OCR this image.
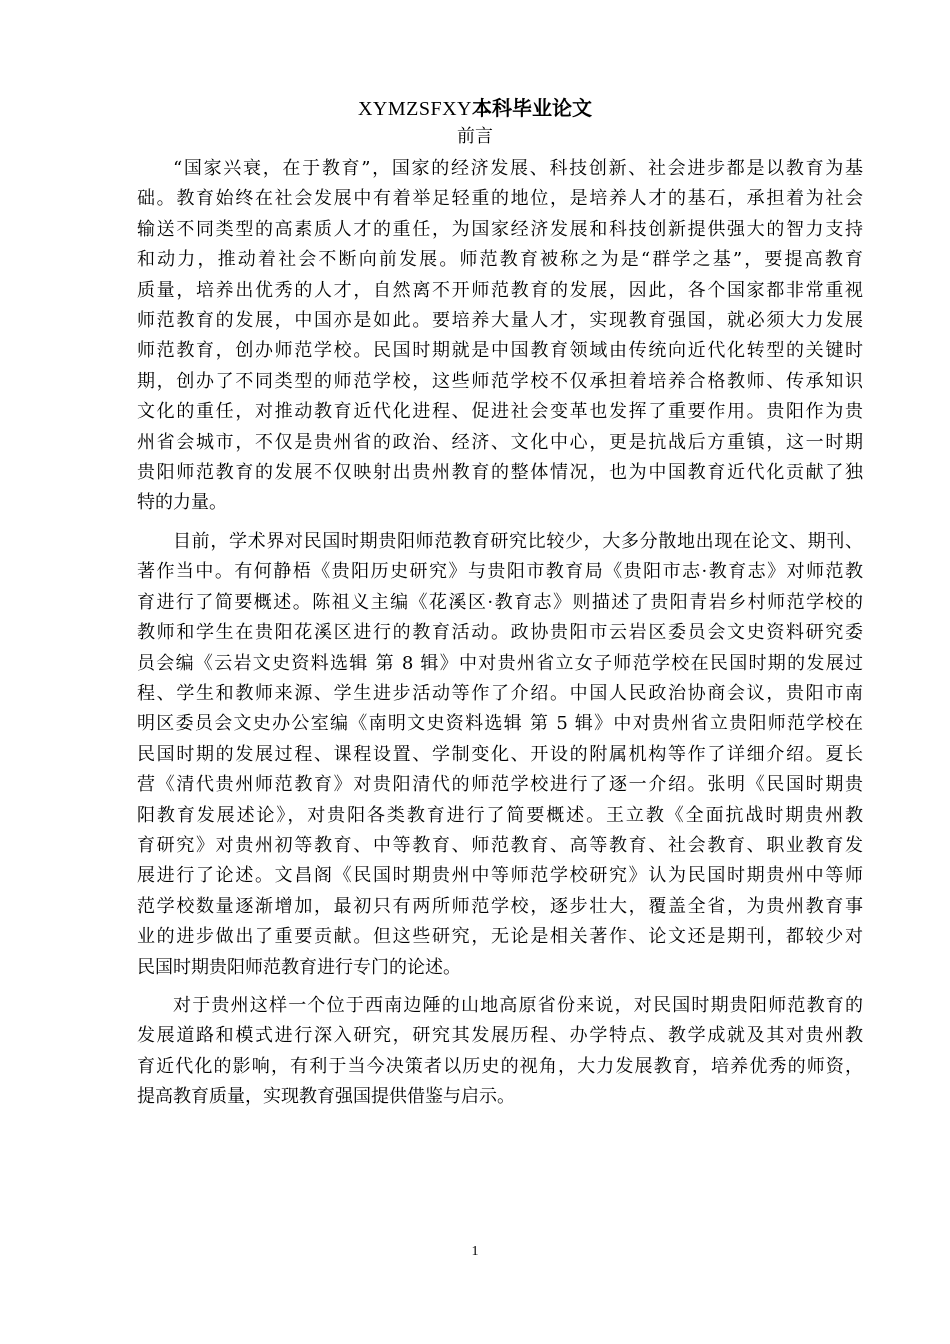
XYMZSFXY本科毕业论文
前言

“国家兴衰，在于教育”，国家的经济发展、科技创新、社会进步都是以教育为基
础。教育始终在社会发展中有着举足轻重的地位，是培养人才的基石，承担着为社会
输送不同类型的高素质人才的重任，为国家经济发展和科技创新提供强大的智力支持
和动力，推动着社会不断向前发展。师范教育被称之为是“群学之基”，要提高教育
质量，培养出优秀的人才，自然离不开师范教育的发展，因此，各个国家都非常重视
师范教育的发展，中国亦是如此。要培养大量人才，实现教育强国，就必须大力发展
师范教育，创办师范学校。民国时期就是中国教育领域由传统向近代化转型的关键时
期，创办了不同类型的师范学校，这些师范学校不仅承担着培养合格教师、传承知识
文化的重任，对推动教育近代化进程、促进社会变革也发挥了重要作用。贵阳作为贵
州省会城市，不仅是贵州省的政治、经济、文化中心，更是抗战后方重镇，这一时期
贵阳师范教育的发展不仅映射出贵州教育的整体情况，也为中国教育近代化贡献了独
特的力量。

目前，学术界对民国时期贵阳师范教育研究比较少，大多分散地出现在论文、期刊、
著作当中。有何静梧《贵阳历史研究》与贵阳市教育局《贵阳市志·教育志》对师范教
育进行了简要概述。陈祖义主编《花溪区·教育志》则描述了贵阳青岩乡村师范学校的
教师和学生在贵阳花溪区进行的教育活动。政协贵阳市云岩区委员会文史资料研究委
员会编《云岩文史资料选辑 第 8 辑》中对贵州省立女子师范学校在民国时期的发展过
程、学生和教师来源、学生进步活动等作了介绍。中国人民政治协商会议，贵阳市南
明区委员会文史办公室编《南明文史资料选辑 第 5 辑》中对贵州省立贵阳师范学校在
民国时期的发展过程、课程设置、学制变化、开设的附属机构等作了详细介绍。夏长
营《清代贵州师范教育》对贵阳清代的师范学校进行了逐一介绍。张明《民国时期贵
阳教育发展述论》，对贵阳各类教育进行了简要概述。王立教《全面抗战时期贵州教
育研究》对贵州初等教育、中等教育、师范教育、高等教育、社会教育、职业教育发
展进行了论述。文昌阁《民国时期贵州中等师范学校研究》认为民国时期贵州中等师
范学校数量逐渐增加，最初只有两所师范学校，逐步壮大，覆盖全省，为贵州教育事
业的进步做出了重要贡献。但这些研究，无论是相关著作、论文还是期刊，都较少对
民国时期贵阳师范教育进行专门的论述。

对于贵州这样一个位于西南边陲的山地高原省份来说，对民国时期贵阳师范教育的
发展道路和模式进行深入研究，研究其发展历程、办学特点、教学成就及其对贵州教
育近代化的影响，有利于当今决策者以历史的视角，大力发展教育，培养优秀的师资，
提高教育质量，实现教育强国提供借鉴与启示。

1
